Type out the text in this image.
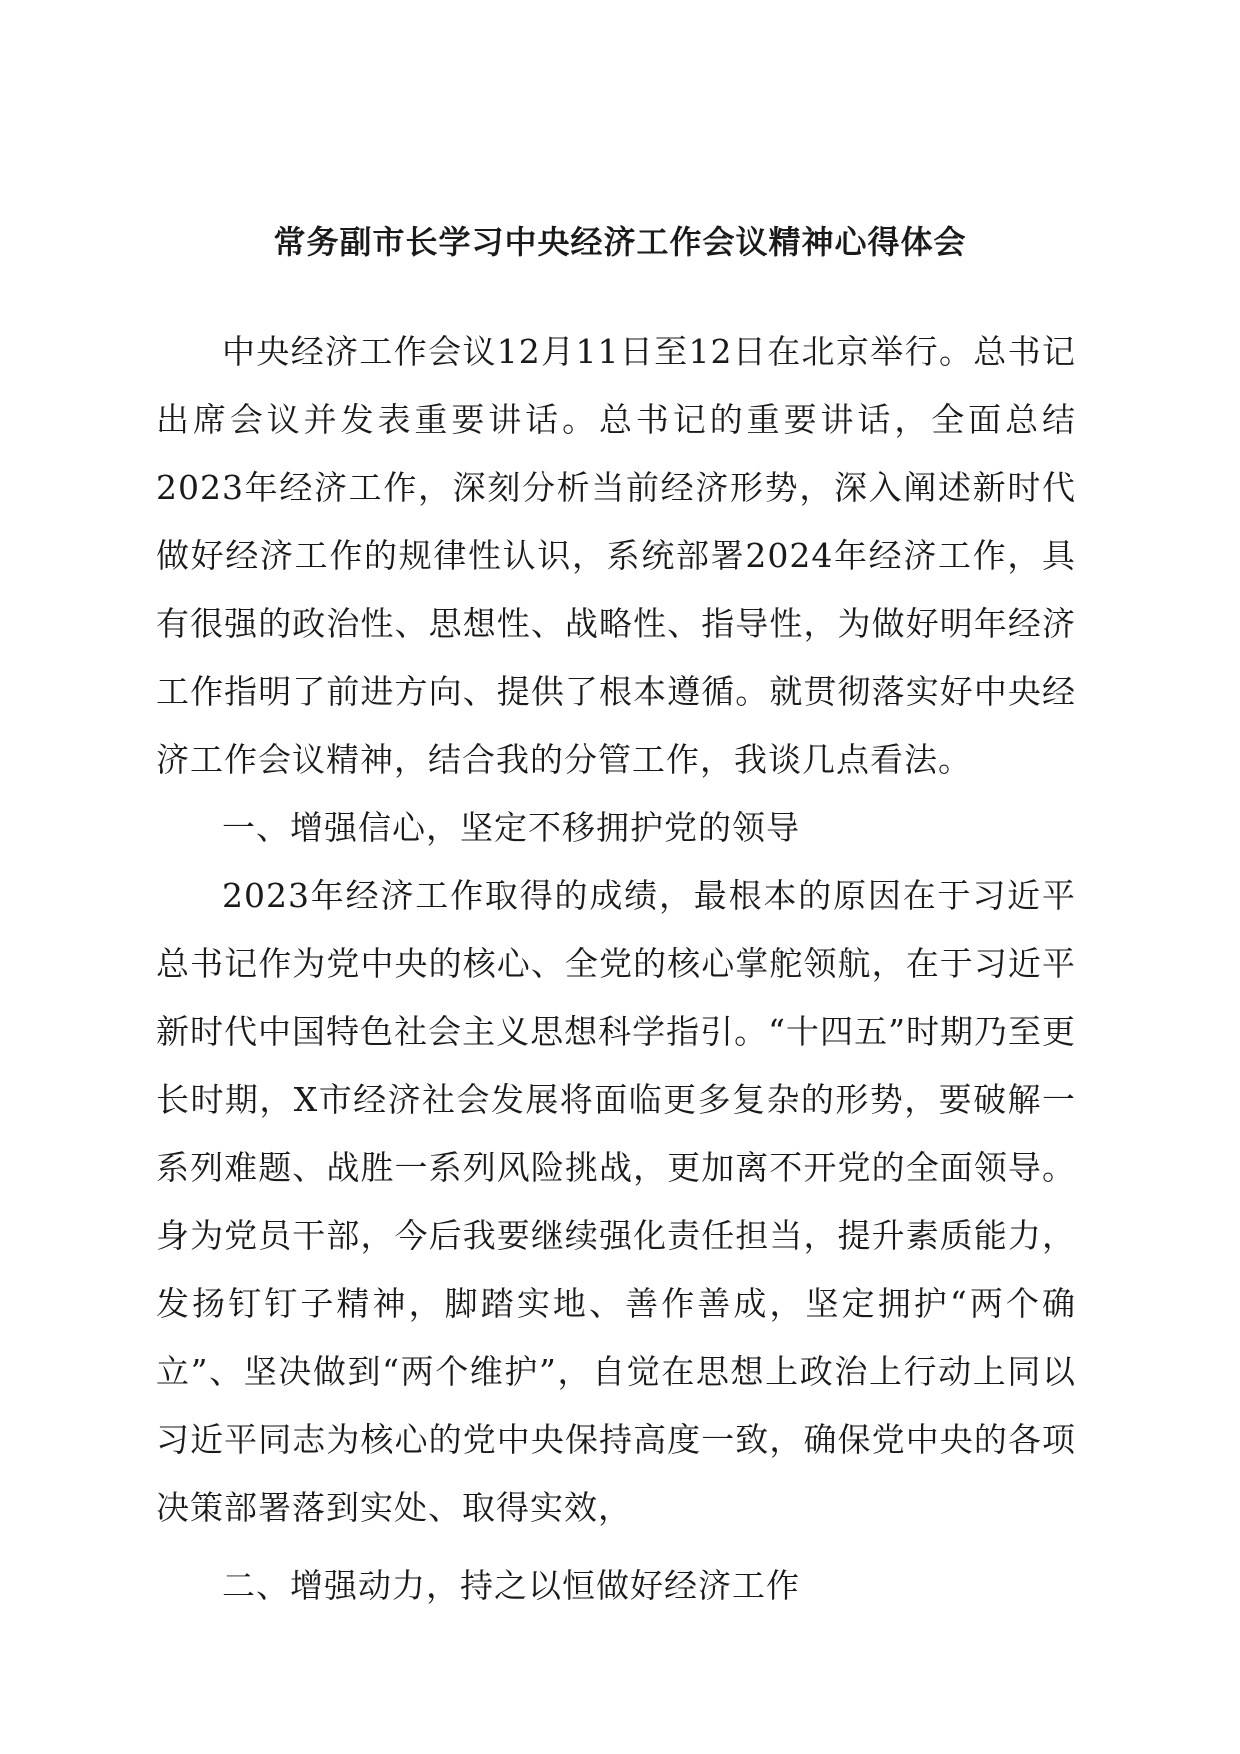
常务副市长学习中央经济工作会议精神心得体会

中央经济工作会议12月11日至12日在北京举行。总书记出席会议并发表重要讲话。总书记的重要讲话，全面总结2023年经济工作，深刻分析当前经济形势，深入阐述新时代做好经济工作的规律性认识，系统部署2024年经济工作，具有很强的政治性、思想性、战略性、指导性，为做好明年经济工作指明了前进方向、提供了根本遵循。就贯彻落实好中央经济工作会议精神，结合我的分管工作，我谈几点看法。

一、增强信心，坚定不移拥护党的领导

2023年经济工作取得的成绩，最根本的原因在于习近平总书记作为党中央的核心、全党的核心掌舵领航，在于习近平新时代中国特色社会主义思想科学指引。“十四五”时期乃至更长时期，X市经济社会发展将面临更多复杂的形势，要破解一系列难题、战胜一系列风险挑战，更加离不开党的全面领导。身为党员干部，今后我要继续强化责任担当，提升素质能力，发扬钉钉子精神，脚踏实地、善作善成，坚定拥护“两个确立”、坚决做到“两个维护”，自觉在思想上政治上行动上同以习近平同志为核心的党中央保持高度一致，确保党中央的各项决策部署落到实处、取得实效，

二、增强动力，持之以恒做好经济工作
